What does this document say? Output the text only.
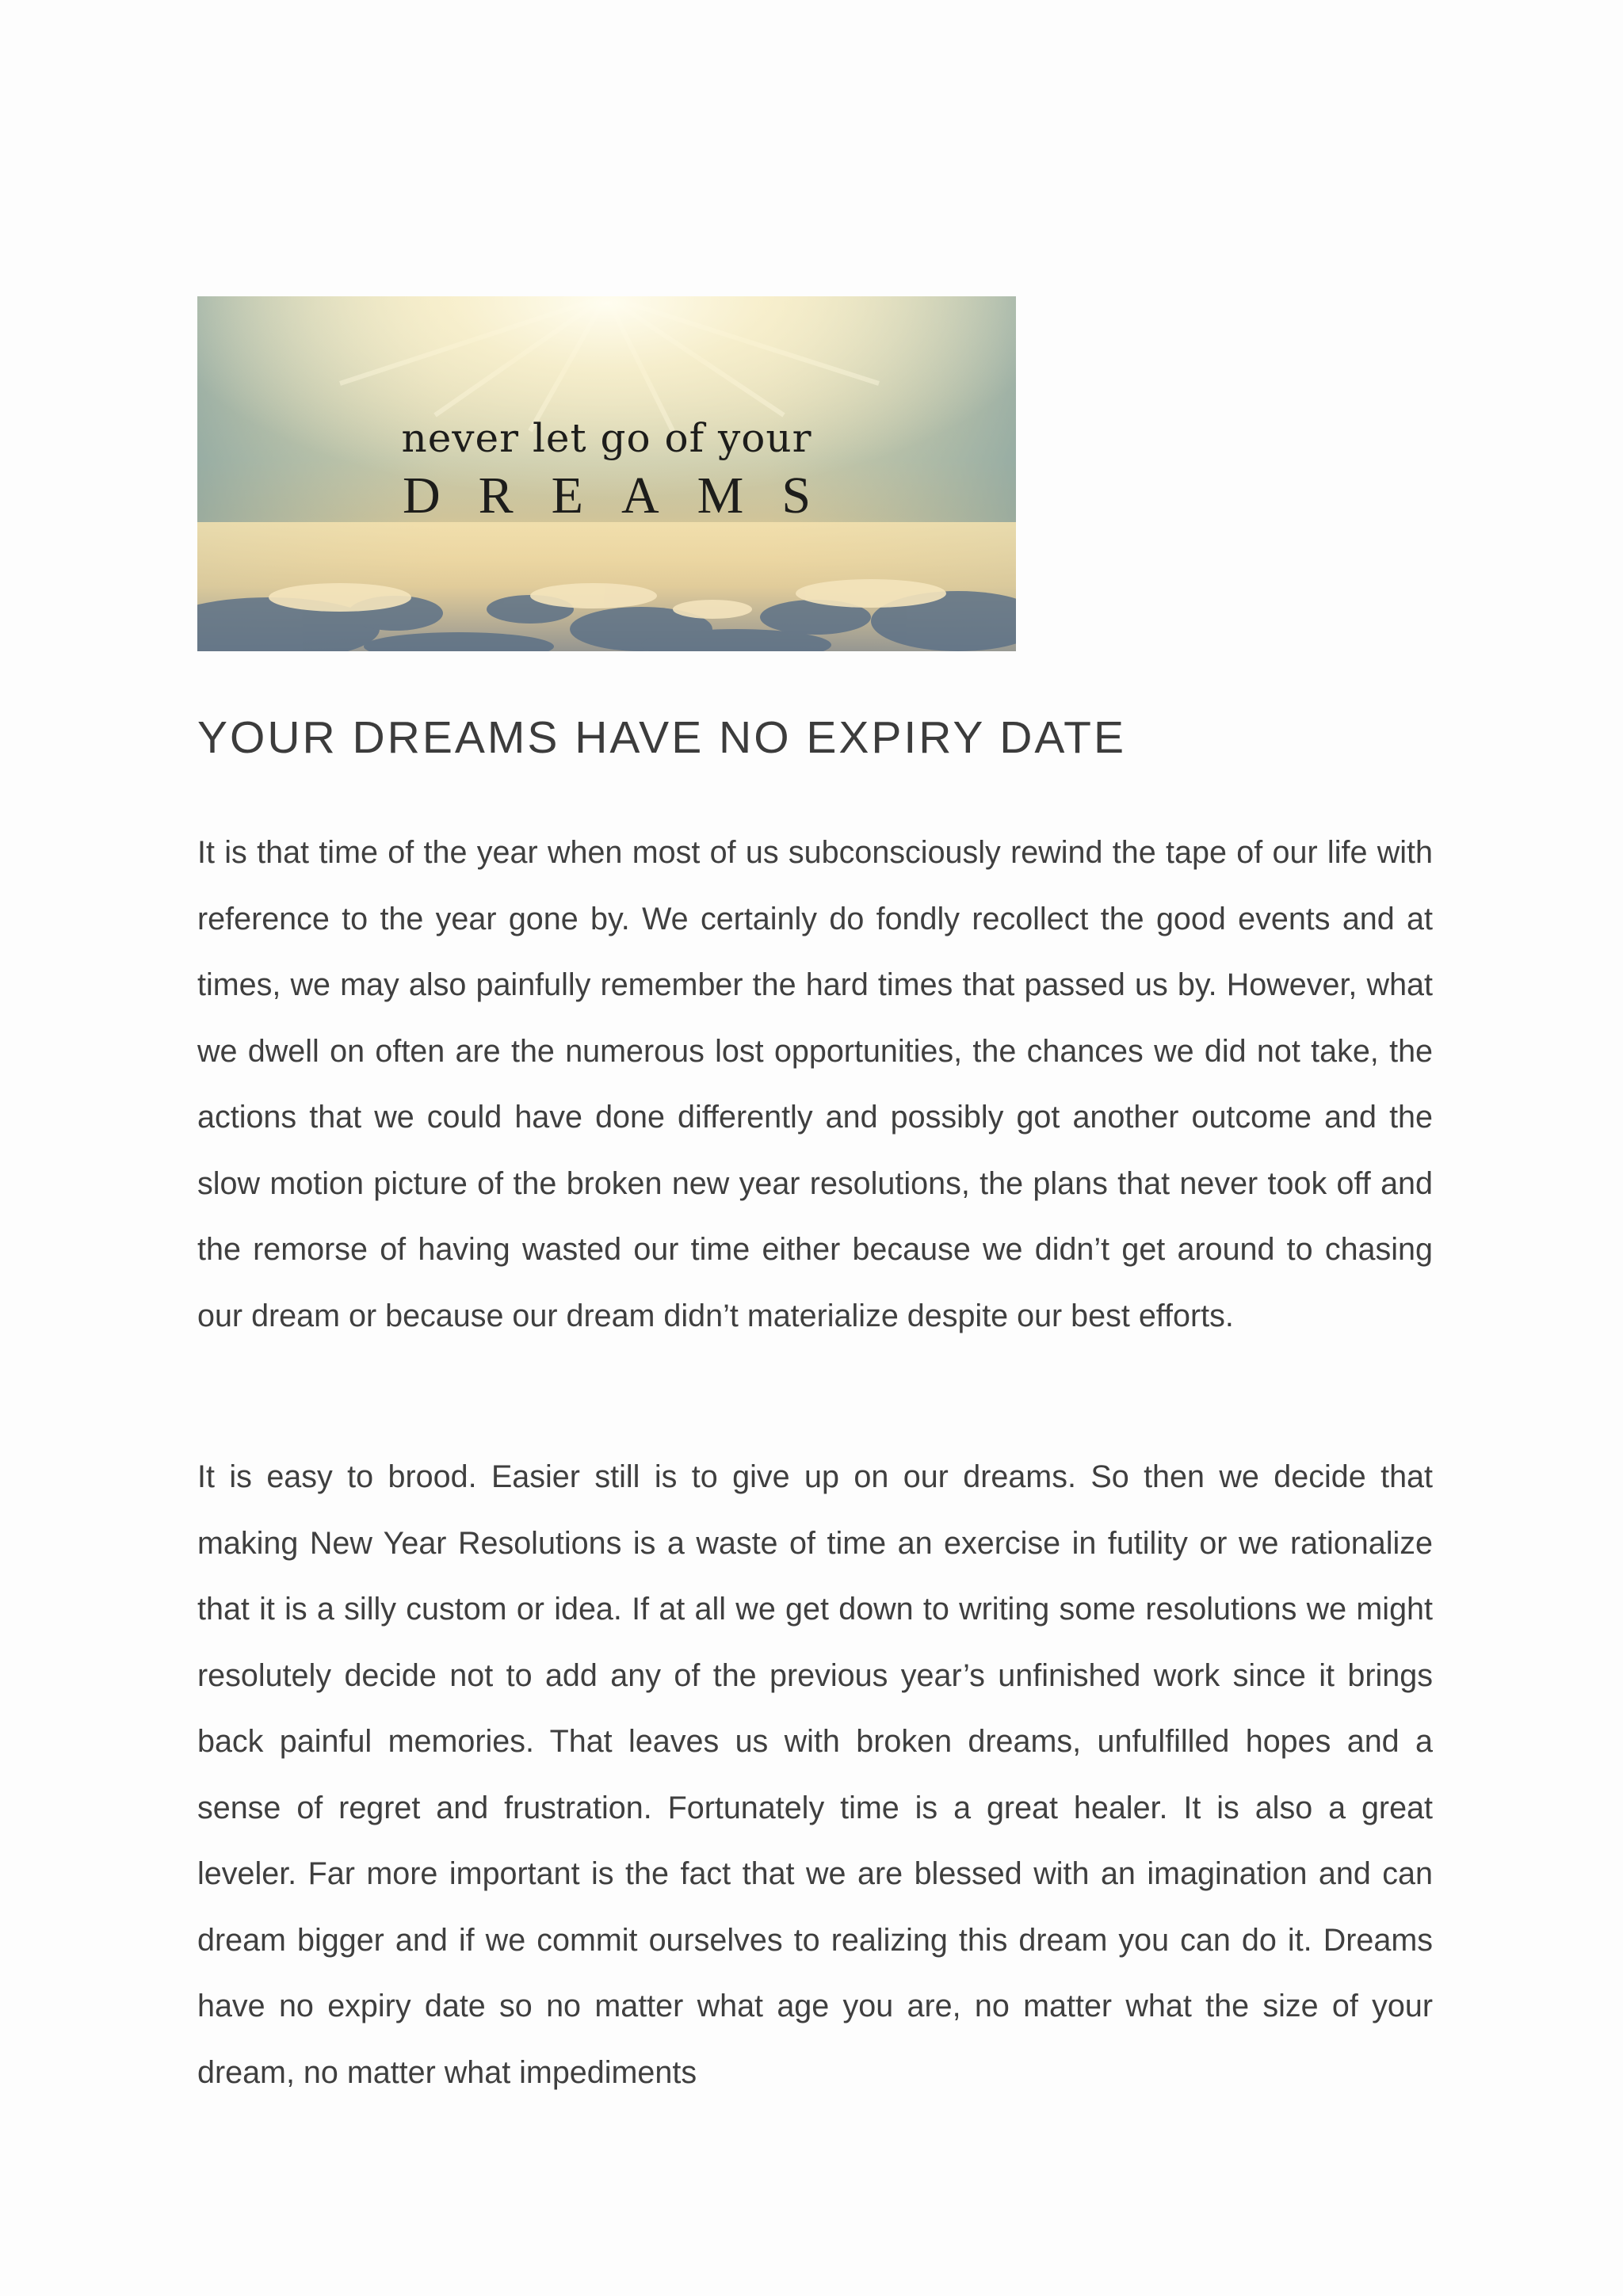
never let go of your
DREAMS
YOUR DREAMS HAVE NO EXPIRY DATE

It is that time of the year when most of us subconsciously rewind the tape of our life with reference to the year gone by. We certainly do fondly recollect the good events and at times, we may also painfully remember the hard times that passed us by. However, what we dwell on often are the numerous lost opportunities, the chances we did not take, the actions that we could have done differently and possibly got another outcome and the slow motion picture of the broken new year resolutions, the plans that never took off and the remorse of having wasted our time either because we didn’t get around to chasing our dream or because our dream didn’t materialize despite our best efforts.

It is easy to brood. Easier still is to give up on our dreams. So then we decide that making New Year Resolutions is a waste of time an exercise in futility or we rationalize that it is a silly custom or idea. If at all we get down to writing some resolutions we might resolutely decide not to add any of the previous year’s unfinished work since it brings back painful memories. That leaves us with broken dreams, unfulfilled hopes and a sense of regret and frustration. Fortunately time is a great healer. It is also a great leveler. Far more important is the fact that we are blessed with an imagination and can dream bigger and if we commit ourselves to realizing this dream you can do it. Dreams have no expiry date so no matter what age you are, no matter what the size of your dream, no matter what impediments
